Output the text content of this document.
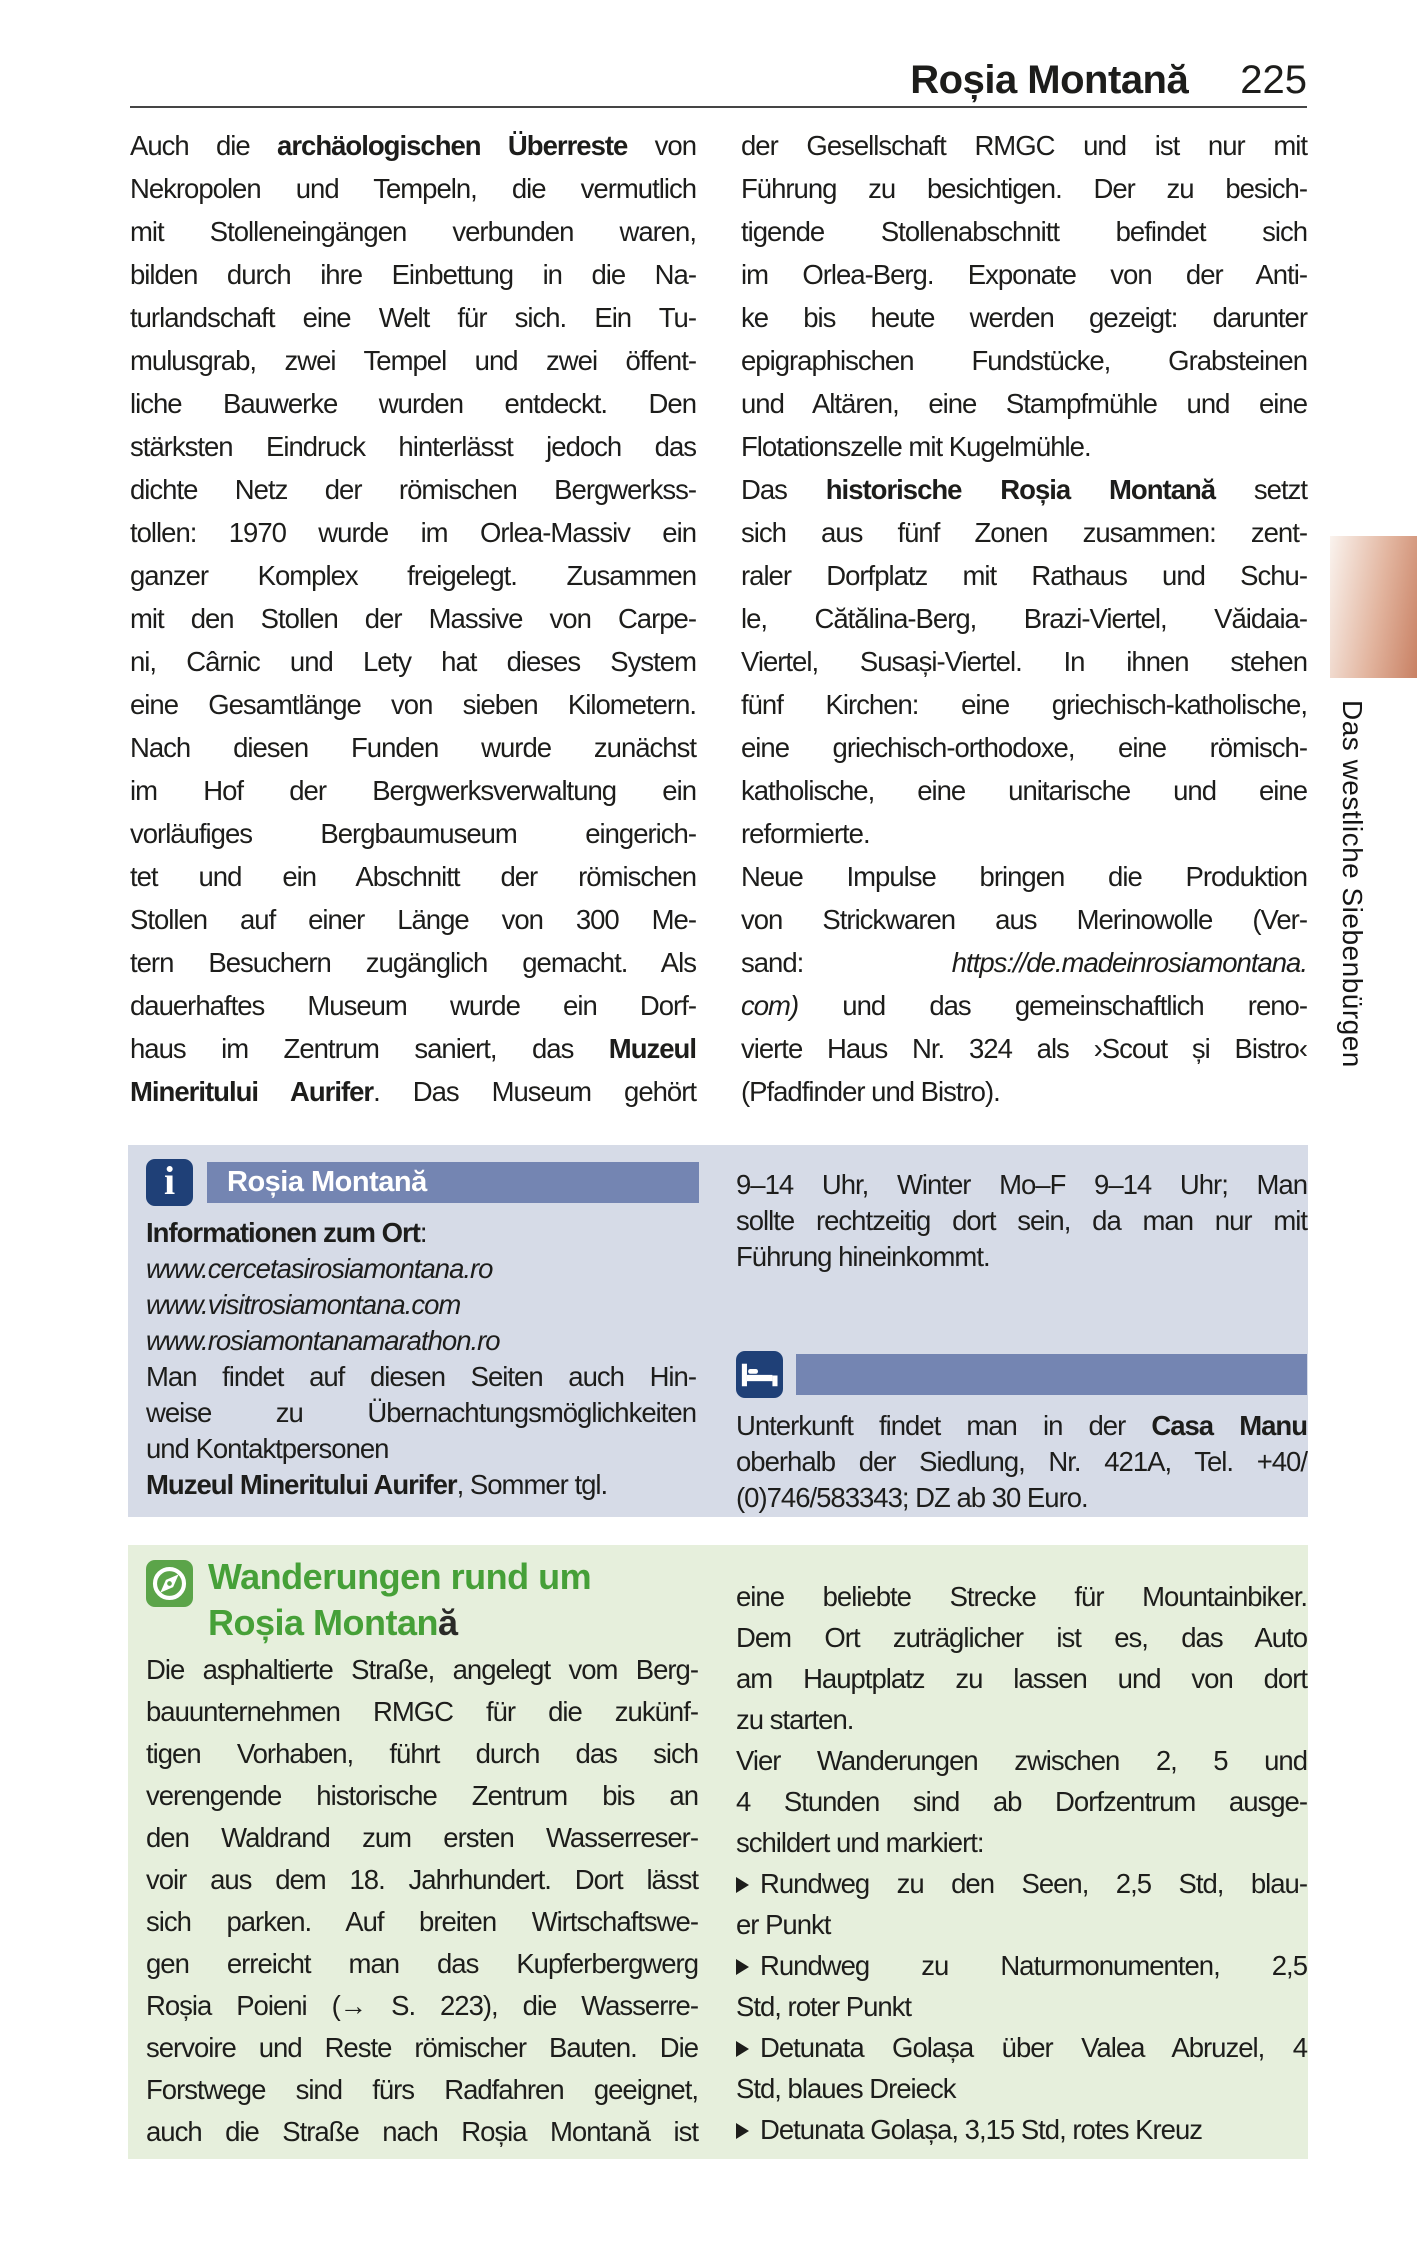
Roșia Montană 225
Auch die archäologischen Überreste von
Nekropolen und Tempeln, die vermutlich
mit Stolleneingängen verbunden waren,
bilden durch ihre Einbettung in die Na-
turlandschaft eine Welt für sich. Ein Tu-
mulusgrab, zwei Tempel und zwei öffent-
liche Bauwerke wurden entdeckt. Den
stärksten Eindruck hinterlässt jedoch das
dichte Netz der römischen Bergwerkss-
tollen: 1970 wurde im Orlea-Massiv ein
ganzer Komplex freigelegt. Zusammen
mit den Stollen der Massive von Carpe-
ni, Cârnic und Lety hat dieses System
eine Gesamtlänge von sieben Kilometern.
Nach diesen Funden wurde zunächst
im Hof der Bergwerksverwaltung ein
vorläufiges Bergbaumuseum eingerich-
tet und ein Abschnitt der römischen
Stollen auf einer Länge von 300 Me-
tern Besuchern zugänglich gemacht. Als
dauerhaftes Museum wurde ein Dorf-
haus im Zentrum saniert, das Muzeul
Mineritului Aurifer. Das Museum gehört
der Gesellschaft RMGC und ist nur mit
Führung zu besichtigen. Der zu besich-
tigende Stollenabschnitt befindet sich
im Orlea-Berg. Exponate von der Anti-
ke bis heute werden gezeigt: darunter
epigraphischen Fundstücke, Grabsteinen
und Altären, eine Stampfmühle und eine
Flotationszelle mit Kugelmühle.
Das historische Roșia Montană setzt
sich aus fünf Zonen zusammen: zent-
raler Dorfplatz mit Rathaus und Schu-
le, Cătălina-Berg, Brazi-Viertel, Văidaia-
Viertel, Susași-Viertel. In ihnen stehen
fünf Kirchen: eine griechisch-katholische,
eine griechisch-orthodoxe, eine römisch-
katholische, eine unitarische und eine
reformierte.
Neue Impulse bringen die Produktion
von Strickwaren aus Merinowolle (Ver-
sand: https://de.madeinrosiamontana.
com) und das gemeinschaftlich reno-
vierte Haus Nr. 324 als ›Scout și Bistro‹
(Pfadfinder und Bistro).
i	Roșia Montană
Informationen zum Ort:
www.cercetasirosiamontana.ro
www.visitrosiamontana.com
www.rosiamontanamarathon.ro
Man findet auf diesen Seiten auch Hin-
weise zu Übernachtungsmöglichkeiten
und Kontaktpersonen
Muzeul Mineritului Aurifer, Sommer tgl.
9–14 Uhr, Winter Mo–F 9–14 Uhr; Man
sollte rechtzeitig dort sein, da man nur mit
Führung hineinkommt.
Unterkunft findet man in der Casa Manu
oberhalb der Siedlung, Nr. 421A, Tel. +40/
(0)746/583343; DZ ab 30 Euro.
Wanderungen rund um
Roșia Montană
Die asphaltierte Straße, angelegt vom Berg-
bauunternehmen RMGC für die zukünf-
tigen Vorhaben, führt durch das sich
verengende historische Zentrum bis an
den Waldrand zum ersten Wasserreser-
voir aus dem 18. Jahrhundert. Dort lässt
sich parken. Auf breiten Wirtschaftswe-
gen erreicht man das Kupferbergwerg
Roșia Poieni (→ S. 223), die Wasserre-
servoire und Reste römischer Bauten. Die
Forstwege sind fürs Radfahren geeignet,
auch die Straße nach Roșia Montană ist
eine beliebte Strecke für Mountainbiker.
Dem Ort zuträglicher ist es, das Auto
am Hauptplatz zu lassen und von dort
zu starten.
Vier Wanderungen zwischen 2, 5 und
4 Stunden sind ab Dorfzentrum ausge-
schildert und markiert:
Rundweg zu den Seen, 2,5 Std, blau-
er Punkt
Rundweg zu Naturmonumenten, 2,5
Std, roter Punkt
Detunata Golașa über Valea Abruzel, 4
Std, blaues Dreieck
Detunata Golașa, 3,15 Std, rotes Kreuz
Das westliche Siebenbürgen
